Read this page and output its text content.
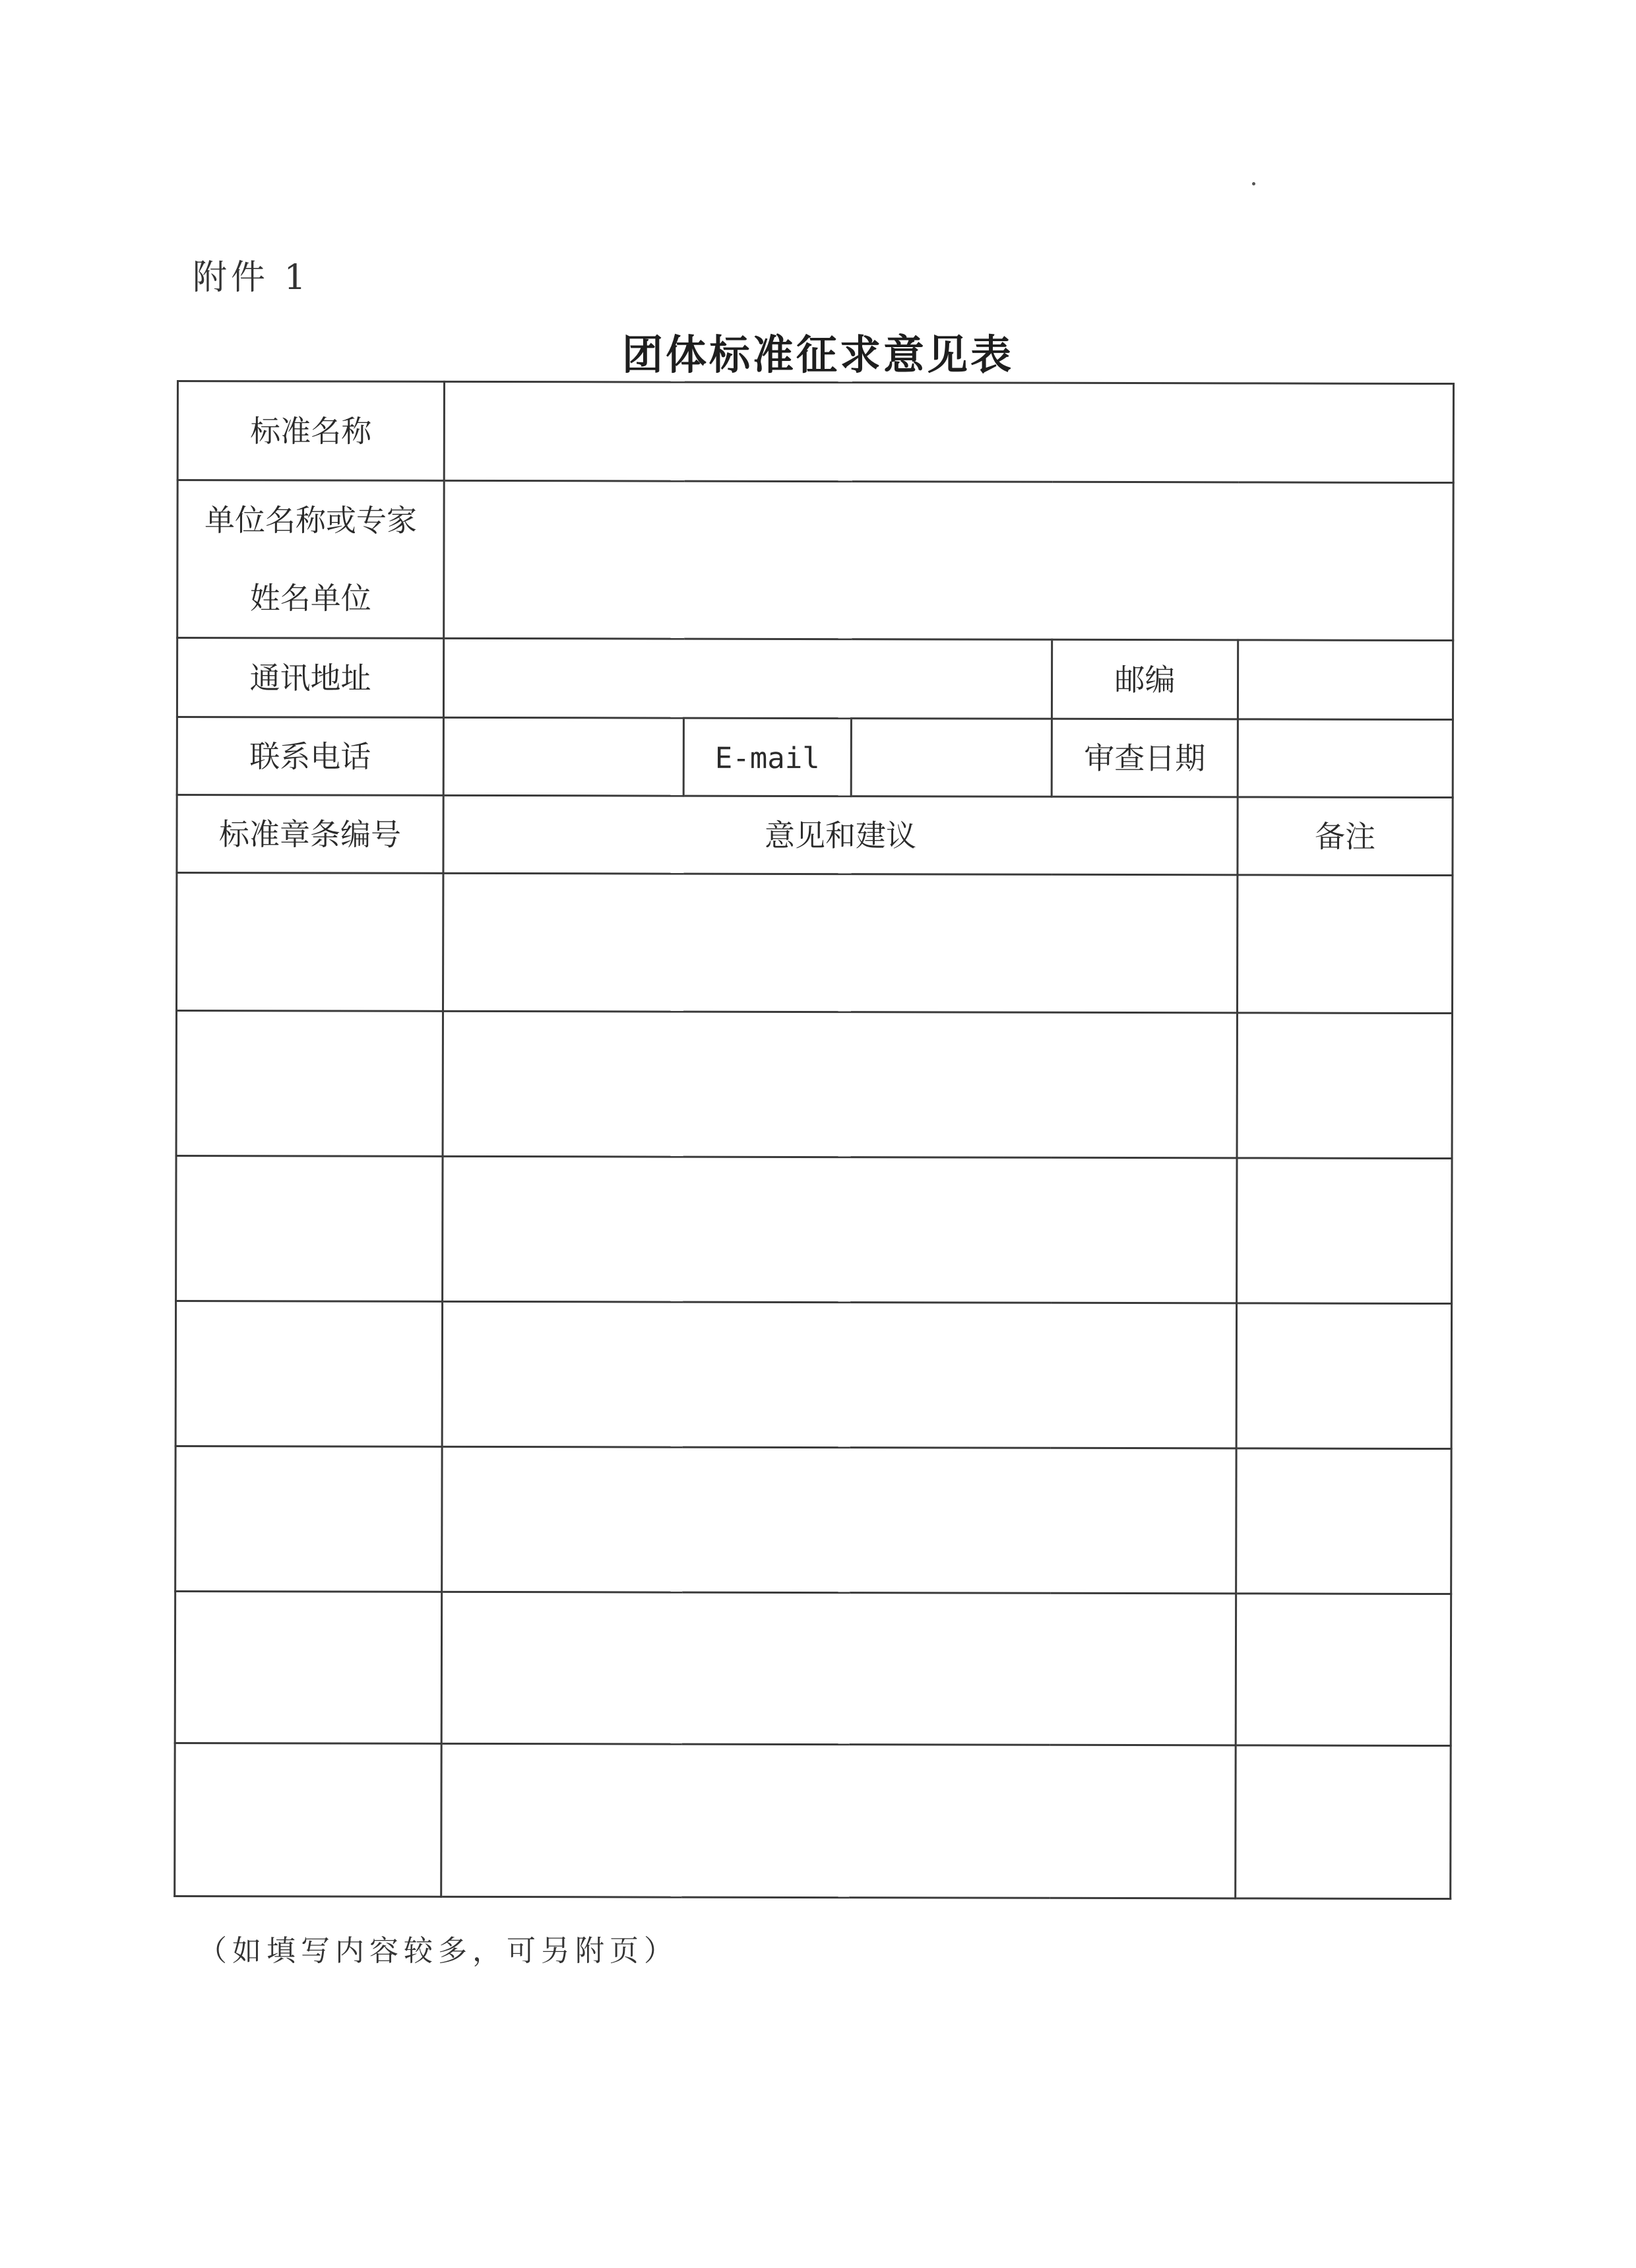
附件 1
团体标准征求意见表
标准名称					

单位名称或专家
姓名单位					

通讯地址				邮编	
联系电话		E-mail		审查日期	
标准章条编号	意见和建议				备注

（如填写内容较多，可另附页）
